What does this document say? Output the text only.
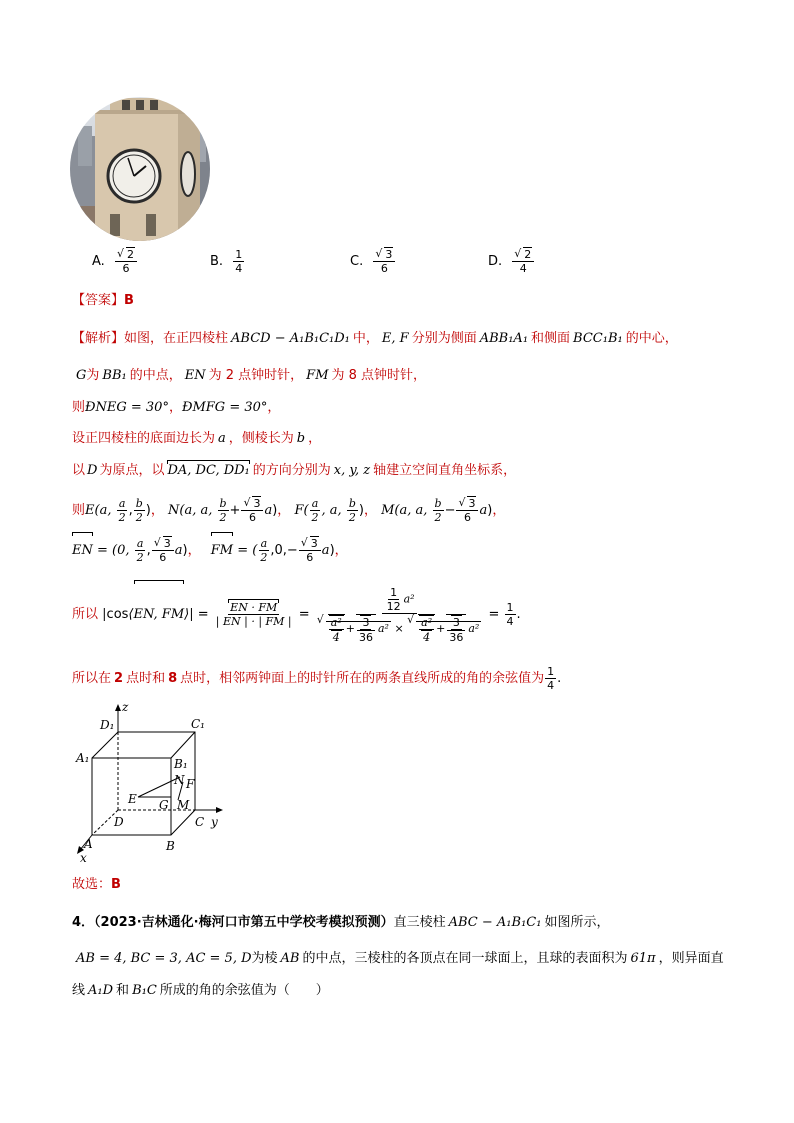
A. √ $\frac{2}{6}$	B. $\frac{1}{4}$	C. √ $\frac{3}{6}$	D. √ $\frac{2}{4}$
【答案】B
【解析】如图，在正四棱柱 ABCD − A₁B₁C₁D₁ 中， E, F 分别为侧面 ABB₁A₁ 和侧面 BCC₁B₁ 的中心，
G为 BB₁ 的中点， EN 为 2 点钟时针， FM 为 8 点钟时针，
则ÐNEG = 30°，ÐMFG = 30°，
设正四棱柱的底面边长为 a ，侧棱长为 b ，
以 D 为原点，以 DA, DC, DD₁ 的方向分别为 x, y, z 轴建立空间直角坐标系，
则E(a, $\frac{a}{2}$ , $\frac{b}{2}$ )， N(a, a, $\frac{b}{2}$ + √ $\frac{3}{6} a$)， $F( \frac{a}{2}$ , a, $\frac{b}{2}$ )， M(a, a, $\frac{b}{2}$ − √ $\frac{3}{6} a$)，
EN = (0, $\frac{a}{2}$ , √ $\frac{3}{6} a$)， FM = ( $\frac{a}{2} ,0,-$ √ $\frac{3}{6} a$)，
所以 |cos⟨EN, FM⟩| = $\frac{EN \cdot FM}{| EN | \cdot | FM |} = \frac{1}{12} a^2$
√ $\frac{\text{a²}}{4} + \frac{3}{36} a^2$ × √ $\frac{\text{a²}}{4} + \frac{3}{36} a^2 = \frac{1}{4}$ .
所以在 2 点时和 8 点时，相邻两钟面上的时针所在的两条直线所成的角的余弦值为 $\frac{1}{4}$ .
z
D₁	C₁
A₁	B₁
N F
E G M
D	C y
A	B
x
故选：B
4．（2023·吉林通化·梅河口市第五中学校考模拟预测）直三棱柱 ABC − A₁B₁C₁ 如图所示，
AB = 4, BC = 3, AC = 5, D为棱 AB 的中点，三棱柱的各顶点在同一球面上，且球的表面积为 61π ，则异面直
线 A₁D 和 B₁C 所成的角的余弦值为（　　）
